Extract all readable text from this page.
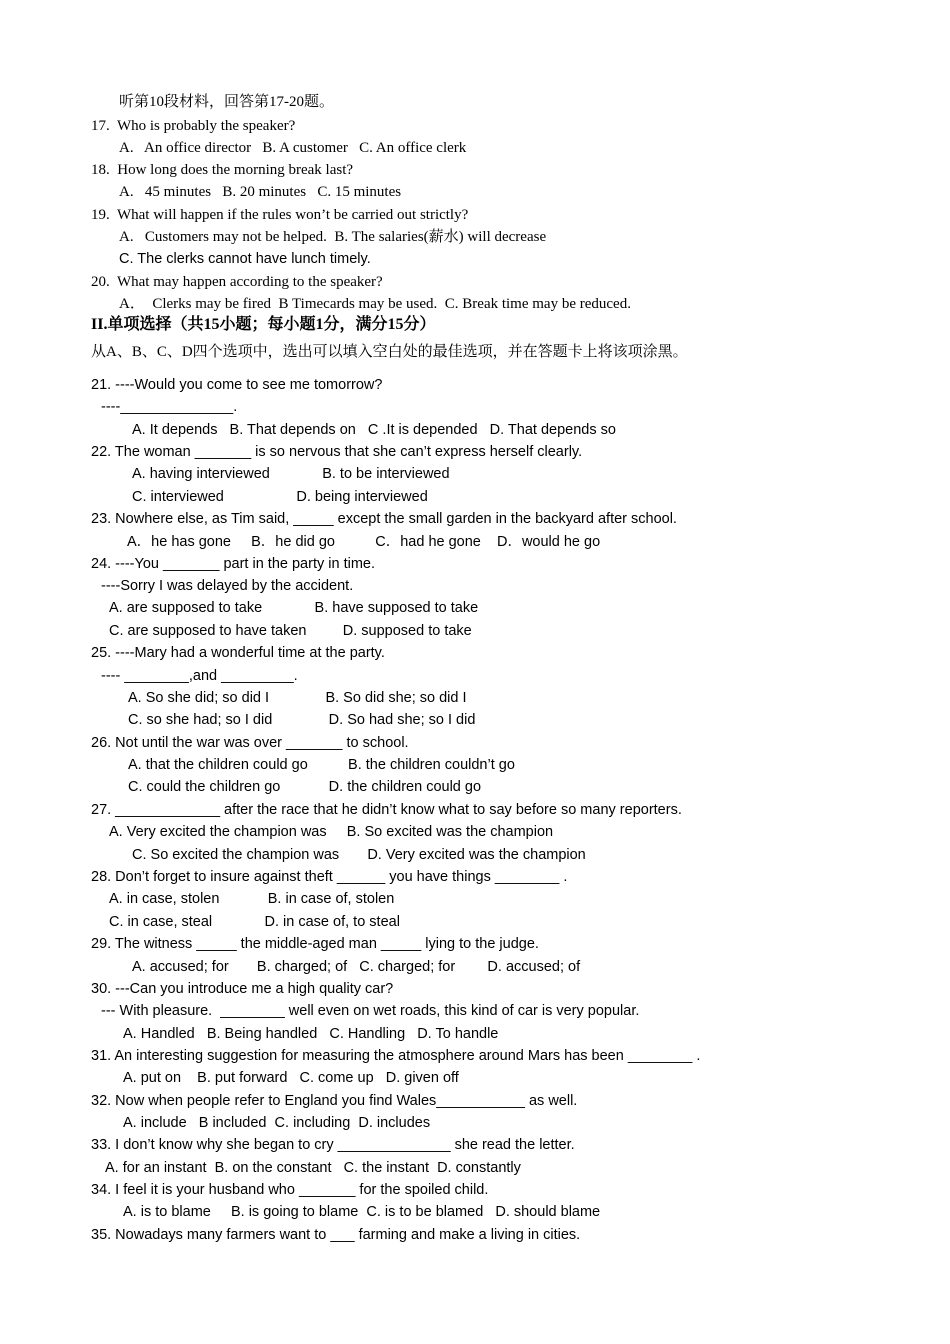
听第10段材料，回答第17-20题。
17.  Who is probably the speaker?
A.   An office director   B. A customer   C. An office clerk
18.  How long does the morning break last?
A.   45 minutes   B. 20 minutes   C. 15 minutes
19.  What will happen if the rules won’t be carried out strictly?
A.   Customers may not be helped.  B. The salaries(薪水) will decrease
C. The clerks cannot have lunch timely.
20.  What may happen according to the speaker?
A．  Clerks may be fired  B Timecards may be used.  C. Break time may be reduced.
II.单项选择（共15小题；每小题1分，满分15分）
从A、B、C、D四个选项中，选出可以填入空白处的最佳选项，并在答题卡上将该项涂黑。
21. ----Would you come to see me tomorrow?
----______________.
A. It depends   B. That depends on   C .It is depended   D. That depends so
22. The woman _______ is so nervous that she can’t express herself clearly.
A. having interviewed             B. to be interviewed
C. interviewed                  D. being interviewed
23. Nowhere else, as Tim said, _____ except the small garden in the backyard after school.
A．he has gone     B．he did go          C．had he gone    D．would he go
24. ----You _______ part in the party in time.
----Sorry I was delayed by the accident.
A. are supposed to take             B. have supposed to take
C. are supposed to have taken         D. supposed to take
25. ----Mary had a wonderful time at the party.
---- ________,and _________.
A. So she did; so did I              B. So did she; so did I
C. so she had; so I did              D. So had she; so I did
26. Not until the war was over _______ to school.
A. that the children could go          B. the children couldn’t go
C. could the children go            D. the children could go
27. _____________ after the race that he didn’t know what to say before so many reporters.
A. Very excited the champion was     B. So excited was the champion
C. So excited the champion was       D. Very excited was the champion
28. Don’t forget to insure against theft ______ you have things ________ .
A. in case, stolen            B. in case of, stolen
C. in case, steal             D. in case of, to steal
29. The witness _____ the middle-aged man _____ lying to the judge.
A. accused; for       B. charged; of   C. charged; for        D. accused; of
30. ---Can you introduce me a high quality car?
--- With pleasure.  ________ well even on wet roads, this kind of car is very popular.
A. Handled   B. Being handled   C. Handling   D. To handle
31. An interesting suggestion for measuring the atmosphere around Mars has been ________ .
A. put on    B. put forward   C. come up   D. given off
32. Now when people refer to England you find Wales___________ as well.
A. include   B included  C. including  D. includes
33. I don’t know why she began to cry ______________ she read the letter.
A. for an instant  B. on the constant   C. the instant  D. constantly
34. I feel it is your husband who _______ for the spoiled child.
A. is to blame     B. is going to blame  C. is to be blamed   D. should blame
35. Nowadays many farmers want to ___ farming and make a living in cities.
